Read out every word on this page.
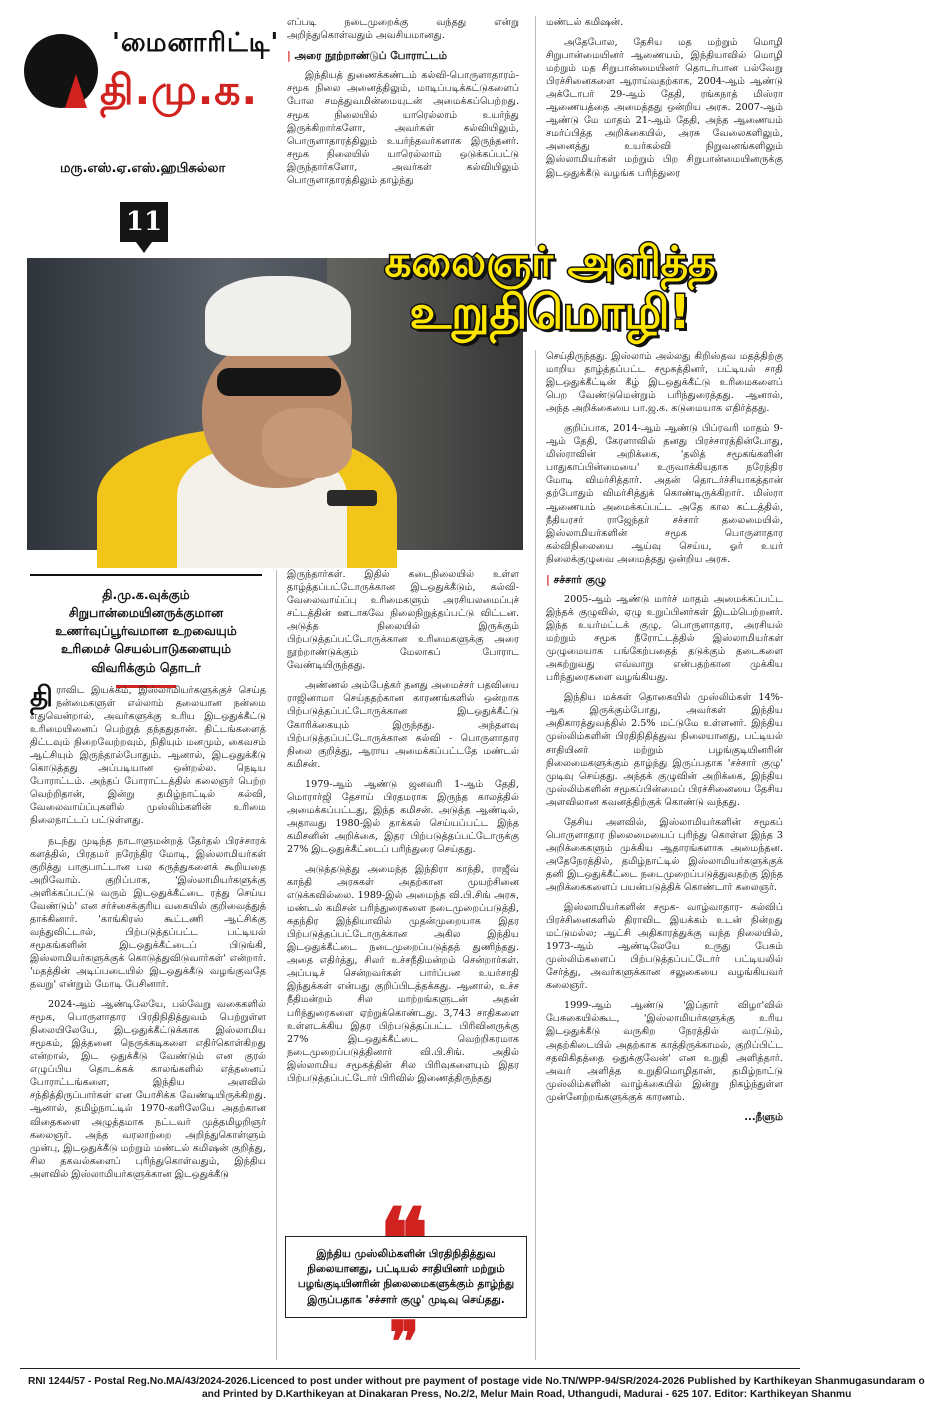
'மைனாரிட்டி'
தி.மு.க.
மரு.எஸ்.ஏ.எஸ்.ஹபிசுல்லா
11

எப்படி நடைமுறைக்கு வந்தது என்று அறிந்துகொள்வதும் அவசியமானது.

| அரை நூற்றாண்டுப் போராட்டம்

இந்தியத் துணைக்கண்டம் கல்வி-பொருளாதாரம்-சமூக நிலை அனைத்திலும், மாடிப்படிக்கட்டுகளைப் போல சமத்துவமின்மையுடன் அமைக்கப்பெற்றது. சமூக நிலையில் யாரெல்லாம் உயர்ந்து இருக்கிறார்களோ, அவர்கள் கல்வியிலும், பொருளாதாரத்திலும் உயர்ந்தவர்களாக இருந்தனர். சமூக நிலையில் யாரெல்லாம் ஒடுக்கப்பட்டு இருந்தார்களோ, அவர்கள் கல்வியிலும் பொருளாதாரத்திலும் தாழ்ந்து

மண்டல் கமிஷன்.

அதேபோல, தேசிய மத மற்றும் மொழி சிறுபான்மையினர் ஆணையம், இந்தியாவில் மொழி மற்றும் மத சிறுபான்மையினர் தொடர்பான பல்வேறு பிரச்சினைகளை ஆராய்வதற்காக, 2004-ஆம் ஆண்டு அக்டோபர் 29-ஆம் தேதி, ரங்கநாத் மிஸ்ரா ஆணையத்தை அமைத்தது ஒன்றிய அரசு. 2007-ஆம் ஆண்டு மே மாதம் 21-ஆம் தேதி, அந்த ஆணையம் சமர்ப்பித்த அறிக்கையில், அரசு வேலைகளிலும், அனைத்து உயர்கல்வி நிறுவனங்களிலும் இஸ்லாமியர்கள் மற்றும் பிற சிறுபான்மையினருக்கு இடஒதுக்கீடு வழங்க பரிந்துரை

கலைஞர் அளித்த
உறுதிமொழி!
தி.மு.க.வுக்கும்
சிறுபான்மையினருக்குமான
உணர்வுப்பூர்வமான உறவையும்
உரிமைச் செயல்பாடுகளையும்
விவரிக்கும் தொடர்

திராவிட இயக்கம், இஸ்லாமியர்களுக்குச் செய்த நன்மைகளுள் எல்லாம் தலையான நன்மை எதுவென்றால், அவர்களுக்கு உரிய இடஒதுக்கீட்டு உரிமையினைப் பெற்றுத் தந்ததுதான். திட்டங்களைத் திட்டவும் நிறைவேற்றவும், நிதியும் மனமும், கைவசம் ஆட்சியும் இருந்தால்போதும். ஆனால், இடஒதுக்கீடு கொடுத்தது அப்படியான ஒன்றல்ல. நெடிய போராட்டம். அந்தப் போராட்டத்தில் கலைஞர் பெற்ற வெற்றிதான், இன்று தமிழ்நாட்டில் கல்வி, வேலைவாய்ப்புகளில் முஸ்லிம்களின் உரிமை நிலைநாட்டப் பட்டுள்ளது.

நடந்து முடிந்த நாடாளுமன்றத் தேர்தல் பிரச்சாரக் களத்தில், பிரதமர் நரேந்திர மோடி, இஸ்லாமியர்கள் குறித்து பாகுபாட்டான பல கருத்துகளைக் கூறியதை அறிவோம். குறிப்பாக, 'இஸ்லாமியர்களுக்கு அளிக்கப்பட்டு வரும் இடஒதுக்கீட்டை ரத்து செய்ய வேண்டும்' என சர்ச்சைக்குரிய வகையில் குறிவைத்துத் தாக்கினார். 'காங்கிரஸ் கூட்டணி ஆட்சிக்கு வந்துவிட்டால், பிற்படுத்தப்பட்ட பட்டியல் சமூகங்களின் இடஒதுக்கீட்டைப் பிடுங்கி, இஸ்லாமியர்களுக்குக் கொடுத்துவிடுவார்கள்' என்றார். 'மதத்தின் அடிப்படையில் இடஒதுக்கீடு வழங்குவதே தவறு' என்றும் மோடி பேசினார்.

2024-ஆம் ஆண்டிலேயே, பல்வேறு வகைகளில் சமூக, பொருளாதார பிரதிநிதித்துவம் பெற்றுள்ள நிலையிலேயே, இடஒதுக்கீட்டுக்காக இஸ்லாமிய சமூகம், இத்தனை நெருக்கடிகளை எதிர்கொள்கிறது என்றால், இட ஒதுக்கீடு வேண்டும் என குரல் எழுப்பிய தொடக்கக் காலங்களில் எத்தனைப் போராட்டங்களை, இந்திய அளவில் சந்தித்திருப்பார்கள் என யோசிக்க வேண்டியிருக்கிறது. ஆனால், தமிழ்நாட்டில் 1970-களிலேயே அதற்கான விதைகளை அழுத்தமாக நட்டவர் முத்தமிழறிஞர் கலைஞர். அந்த வரலாற்றை அறிந்துகொள்ளும் முன்பு, இடஒதுக்கீடு மற்றும் மண்டல் கமிஷன் குறித்து, சில தகவல்களைப் புரிந்துகொள்வதும், இந்திய அளவில் இஸ்லாமியர்களுக்கான இடஒதுக்கீடு

இருந்தார்கள். இதில் கடைநிலையில் உள்ள தாழ்த்தப்பட்டோருக்கான இடஒதுக்கீடும், கல்வி-வேலைவாய்ப்பு உரிமைகளும் அரசியலமைப்புச் சட்டத்தின் ஊடாகவே நிலைநிறுத்தப்பட்டு விட்டன. அடுத்த நிலையில் இருக்கும் பிற்படுத்தப்பட்டோருக்கான உரிமைகளுக்கு அரை நூற்றாண்டுக்கும் மேலாகப் போராட வேண்டியிருந்தது.

அண்ணல் அம்பேத்கர் தனது அமைச்சர் பதவியை ராஜினாமா செய்ததற்கான காரணங்களில் ஒன்றாக பிற்படுத்தப்பட்டோருக்கான இடஒதுக்கீட்டு கோரிக்கையும் இருந்தது. அந்தளவு பிற்படுத்தப்பட்டோருக்கான கல்வி - பொருளாதார நிலை குறித்து, ஆராய அமைக்கப்பட்டதே மண்டல் கமிசன்.

1979-ஆம் ஆண்டு ஜனவரி 1-ஆம் தேதி, மொரார்ஜி தேசாய் பிரதமராக இருந்த காலத்தில் அமைக்கப்பட்டது, இந்த கமிசன். அடுத்த ஆண்டில், அதாவது 1980-இல் தாக்கல் செய்யப்பட்ட இந்த கமிசனின் அறிக்கை, இதர பிற்படுத்தப்பட்டோருக்கு 27% இடஒதுக்கீட்டைப் பரிந்துரை செய்தது.

அடுத்தடுத்து அமைந்த இந்திரா காந்தி, ராஜீவ் காந்தி அரசுகள் அதற்கான முயற்சினை எடுக்கவில்லை. 1989-இல் அமைந்த வி.பி.சிங் அரசு, மண்டல் கமிசன் பரிந்துரைகளை நடைமுறைப்படுத்தி, சுதந்திர இந்தியாவில் முதன்முறையாக இதர பிற்படுத்தப்பட்டோருக்கான அகில இந்திய இடஒதுக்கீட்டை நடைமுறைப்படுத்தத் துணிந்தது. அதை எதிர்த்து, சிலர் உச்சநீதிமன்றம் சென்றார்கள். அப்படிச் சென்றவர்கள் பார்ப்பன உயர்சாதி இந்துக்கள் என்பது குறிப்பிடத்தக்கது. ஆனால், உச்ச நீதிமன்றம் சில மாற்றங்களுடன் அதன் பரிந்துரைகளை ஏற்றுக்கொண்டது. 3,743 சாதிகளை உள்ளடக்கிய இதர பிற்படுத்தப்பட்ட பிரிவினருக்கு 27% இடஒதுக்கீட்டை வெற்றிகரமாக நடைமுறைப்படுத்தினார் வி.பி.சிங். அதில் இஸ்லாமிய சமூகத்தின் சில பிரிவுகளையும் இதர பிற்படுத்தப்பட்டோர் பிரிவில் இணைத்திருந்தது

செய்திருந்தது. இஸ்லாம் அல்லது கிறிஸ்தவ மதத்திற்கு மாறிய தாழ்த்தப்பட்ட சமூகத்தினர், பட்டியல் சாதி இடஒதுக்கீட்டின் கீழ் இடஒதுக்கீட்டு உரிமைகளைப் பெற வேண்டுமென்றும் பரிந்துரைத்தது. ஆனால், அந்த அறிக்கையை பா.ஜ.க. கடுமையாக எதிர்த்தது.

குறிப்பாக, 2014-ஆம் ஆண்டு பிப்ரவரி மாதம் 9-ஆம் தேதி, கேரளாவில் தனது பிரச்சாரத்தின்போது, மிஸ்ராவின் அறிக்கை, 'தலித் சமூகங்களின் பாதுகாப்பின்மையை' உருவாக்கியதாக நரேந்திர மோடி விமர்சித்தார். அதன் தொடர்ச்சியாகத்தான் தற்போதும் விமர்சித்துக் கொண்டிருக்கிறார். மிஸ்ரா ஆணையம் அமைக்கப்பட்ட அதே கால கட்டத்தில், நீதியரசர் ராஜேந்தர் சச்சார் தலைமையில், இஸ்லாமியர்களின் சமூக பொருளாதார கல்விநிலையை ஆய்வு செய்ய, ஓர் உயர் நிலைக்குழுவை அமைத்தது ஒன்றிய அரசு.

| சச்சார் குழு

2005-ஆம் ஆண்டு மார்ச் மாதம் அமைக்கப்பட்ட இந்தக் குழுவில், ஏழு உறுப்பினர்கள் இடம்பெற்றனர். இந்த உயர்மட்டக் குழு, பொருளாதார, அரசியல் மற்றும் சமூக நீரோட்டத்தில் இஸ்லாமியர்கள் முழுமையாக பங்கேற்பதைத் தடுக்கும் தடைகளை அகற்றுவது எவ்வாறு என்பதற்கான முக்கிய பரிந்துரைகளை வழங்கியது.

இந்திய மக்கள் தொகையில் முஸ்லிம்கள் 14%-ஆக இருக்கும்போது, அவர்கள் இந்திய அதிகாரத்துவத்தில் 2.5% மட்டுமே உள்ளனர். இந்திய முஸ்லிம்களின் பிரதிநிதித்துவ நிலையானது, பட்டியல் சாதியினர் மற்றும் பழங்குடியினரின் நிலைமைகளுக்கும் தாழ்ந்து இருப்பதாக 'சச்சார் குழு' முடிவு செய்தது. அந்தக் குழுவின் அறிக்கை, இந்திய முஸ்லிம்களின் சமூகப்பின்மைப் பிரச்சினையை தேசிய அளவிலான கவனத்திற்குக் கொண்டு வந்தது.

தேசிய அளவில், இஸ்லாமியர்களின் சமூகப் பொருளாதார நிலைமையைப் புரிந்து கொள்ள இந்த 3 அறிக்கைகளும் முக்கிய ஆதாரங்களாக அமைந்தன. அதேநேரத்தில், தமிழ்நாட்டில் இஸ்லாமியர்களுக்குக் தனி இடஒதுக்கீட்டை நடைமுறைப்படுத்துவதற்கு இந்த அறிக்கைகளைப் பயன்படுத்திக் கொண்டார் கலைஞர்.

இஸ்லாமியர்களின் சமூக- வாழ்வாதார- கல்விப் பிரச்சினைகளில் திராவிட இயக்கம் உடன் நின்றது மட்டுமல்ல; ஆட்சி அதிகாரத்துக்கு வந்த நிலையில், 1973-ஆம் ஆண்டிலேயே உருது பேசும் முஸ்லிம்களைப் பிற்படுத்தப்பட்டோர் பட்டியலில் சேர்த்து, அவர்களுக்கான சலுகையை வழங்கியவர் கலைஞர்.

1999-ஆம் ஆண்டு 'இப்தார் விழா'வில் பேசுகையில்கூட, 'இஸ்லாமியர்களுக்கு உரிய இடஒதுக்கீடு வருகிற நேரத்தில் வரட்டும், அதற்கிடையில் அதற்காக காத்திருக்காமல், குறிப்பிட்ட சதவிகிதத்தை ஒதுக்குவேன்' என உறுதி அளித்தார். அவர் அளித்த உறுதிமொழிதான், தமிழ்நாட்டு முஸ்லிம்களின் வாழ்க்கையில் இன்று நிகழ்ந்துள்ள முன்னேற்றங்களுக்குக் காரணம்.

...நீளும்
இந்திய முஸ்லிம்களின் பிரதிநிதித்துவ நிலையானது, பட்டியல் சாதியினர் மற்றும் பழங்குடியினரின் நிலைமைகளுக்கும் தாழ்ந்து இருப்பதாக 'சச்சார் குழு' முடிவு செய்தது.
❞
RNI 1244/57 - Postal Reg.No.MA/43/2024-2026.Licenced to post under without pre payment of postage vide No.TN/WPP-94/SR/2024-2026 Published by Karthikeyan Shanmugasundaram o
and Printed by D.Karthikeyan at Dinakaran Press, No.2/2, Melur Main Road, Uthangudi, Madurai - 625 107. Editor: Karthikeyan Shanmu
